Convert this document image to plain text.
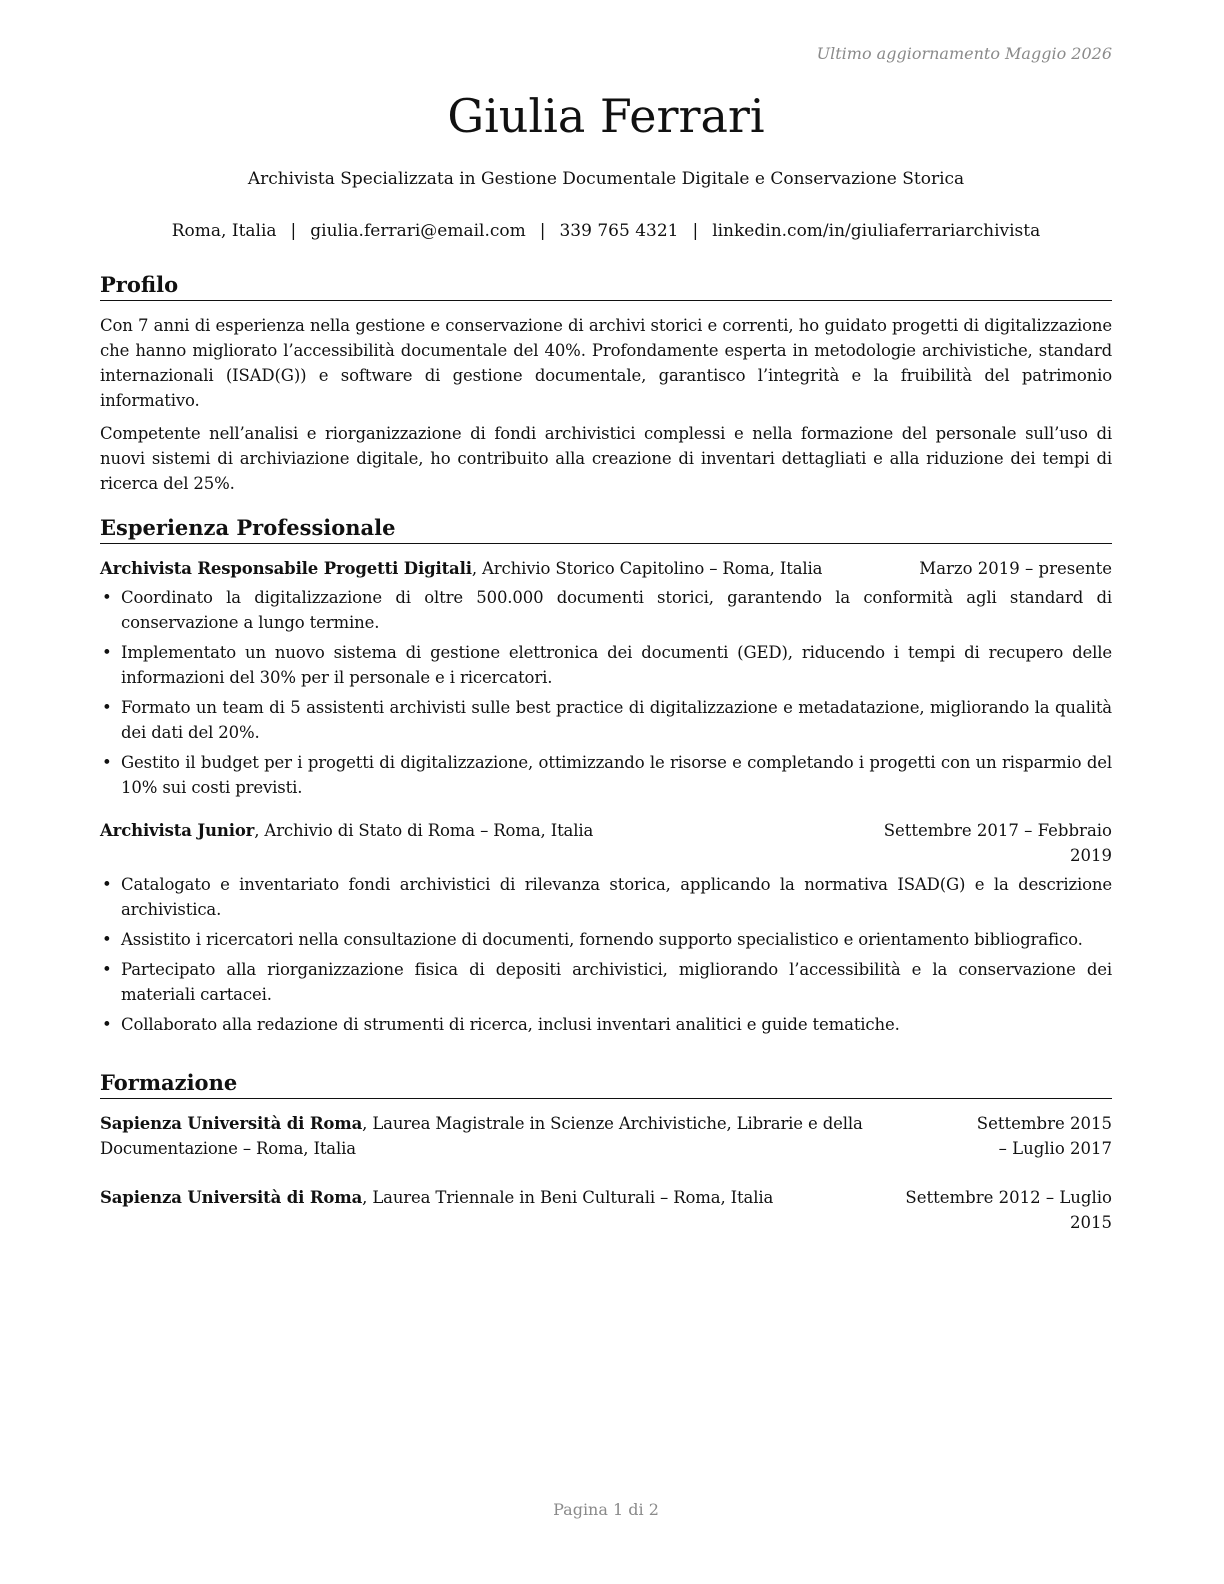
Ultimo aggiornamento Maggio 2026
Giulia Ferrari
Archivista Specializzata in Gestione Documentale Digitale e Conservazione Storica
Roma, Italia | giulia.ferrari@email.com | 339 765 4321 | linkedin.com/in/giuliaferrariarchivista
Profilo

Con 7 anni di esperienza nella gestione e conservazione di archivi storici e correnti, ho guidato progetti di digitalizzazione che hanno migliorato l’accessibilità documentale del 40%. Profondamente esperta in metodologie archivistiche, standard internazionali (ISAD(G)) e software di gestione documentale, garantisco l’integrità e la fruibilità del patrimonio informativo.

Competente nell’analisi e riorganizzazione di fondi archivistici complessi e nella formazione del personale sull’uso di nuovi sistemi di archiviazione digitale, ho contribuito alla creazione di inventari dettagliati e alla riduzione dei tempi di ricerca del 25%.

Esperienza Professionale
Archivista Responsabile Progetti Digitali, Archivio Storico Capitolino – Roma, Italia	Marzo 2019 – presente
• Coordinato la digitalizzazione di oltre 500.000 documenti storici, garantendo la conformità agli standard di conservazione a lungo termine.
• Implementato un nuovo sistema di gestione elettronica dei documenti (GED), riducendo i tempi di recupero delle informazioni del 30% per il personale e i ricercatori.
• Formato un team di 5 assistenti archivisti sulle best practice di digitalizzazione e metadatazione, migliorando la qualità dei dati del 20%.
• Gestito il budget per i progetti di digitalizzazione, ottimizzando le risorse e completando i progetti con un risparmio del 10% sui costi previsti.
Archivista Junior, Archivio di Stato di Roma – Roma, Italia	Settembre 2017 – Febbraio 2019
• Catalogato e inventariato fondi archivistici di rilevanza storica, applicando la normativa ISAD(G) e la descrizione archivistica.
• Assistito i ricercatori nella consultazione di documenti, fornendo supporto specialistico e orientamento bibliografico.
• Partecipato alla riorganizzazione fisica di depositi archivistici, migliorando l’accessibilità e la conservazione dei materiali cartacei.
• Collaborato alla redazione di strumenti di ricerca, inclusi inventari analitici e guide tematiche.
Formazione
Sapienza Università di Roma, Laurea Magistrale in Scienze Archivistiche, Librarie e della Documentazione – Roma, Italia
Settembre 2015 – Luglio 2017
Sapienza Università di Roma, Laurea Triennale in Beni Culturali – Roma, Italia	Settembre 2012 – Luglio 2015
Pagina 1 di 2
